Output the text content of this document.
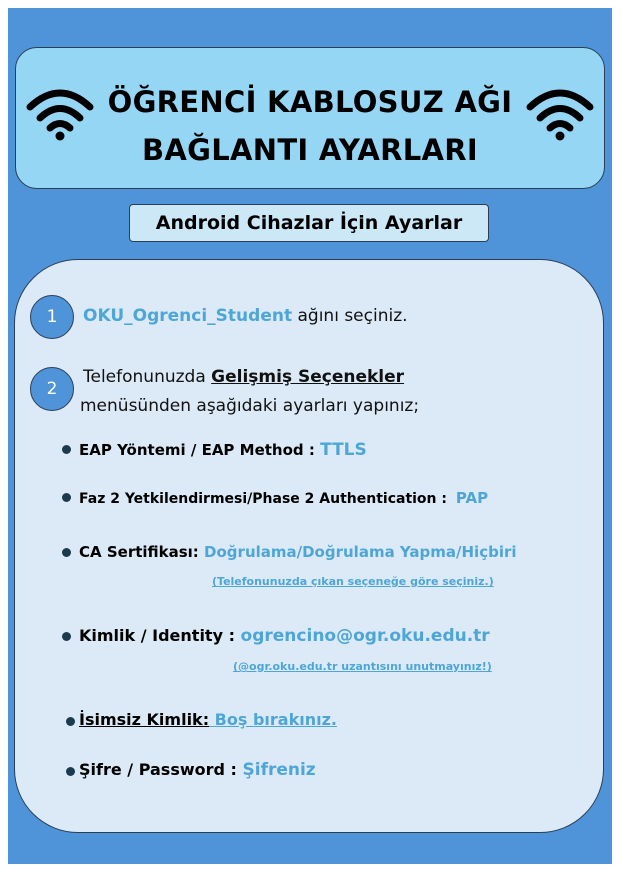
ÖĞRENCİ KABLOSUZ AĞI
BAĞLANTI AYARLARI
Android Cihazlar İçin Ayarlar
1	OKU_Ogrenci_Student ağını seçiniz.
2
Telefonunuzda Gelişmiş Seçenekler
menüsünden aşağıdaki ayarları yapınız;
EAP Yöntemi / EAP Method : TTLS
Faz 2 Yetkilendirmesi/Phase 2 Authentication : PAP
CA Sertifikası: Doğrulama/Doğrulama Yapma/Hiçbiri
(Telefonunuzda çıkan seçeneğe göre seçiniz.)
Kimlik / Identity : ogrencino@ogr.oku.edu.tr
(@ogr.oku.edu.tr uzantısını unutmayınız!)
İsimsiz Kimlik: Boş bırakınız.
Şifre / Password : Şifreniz
